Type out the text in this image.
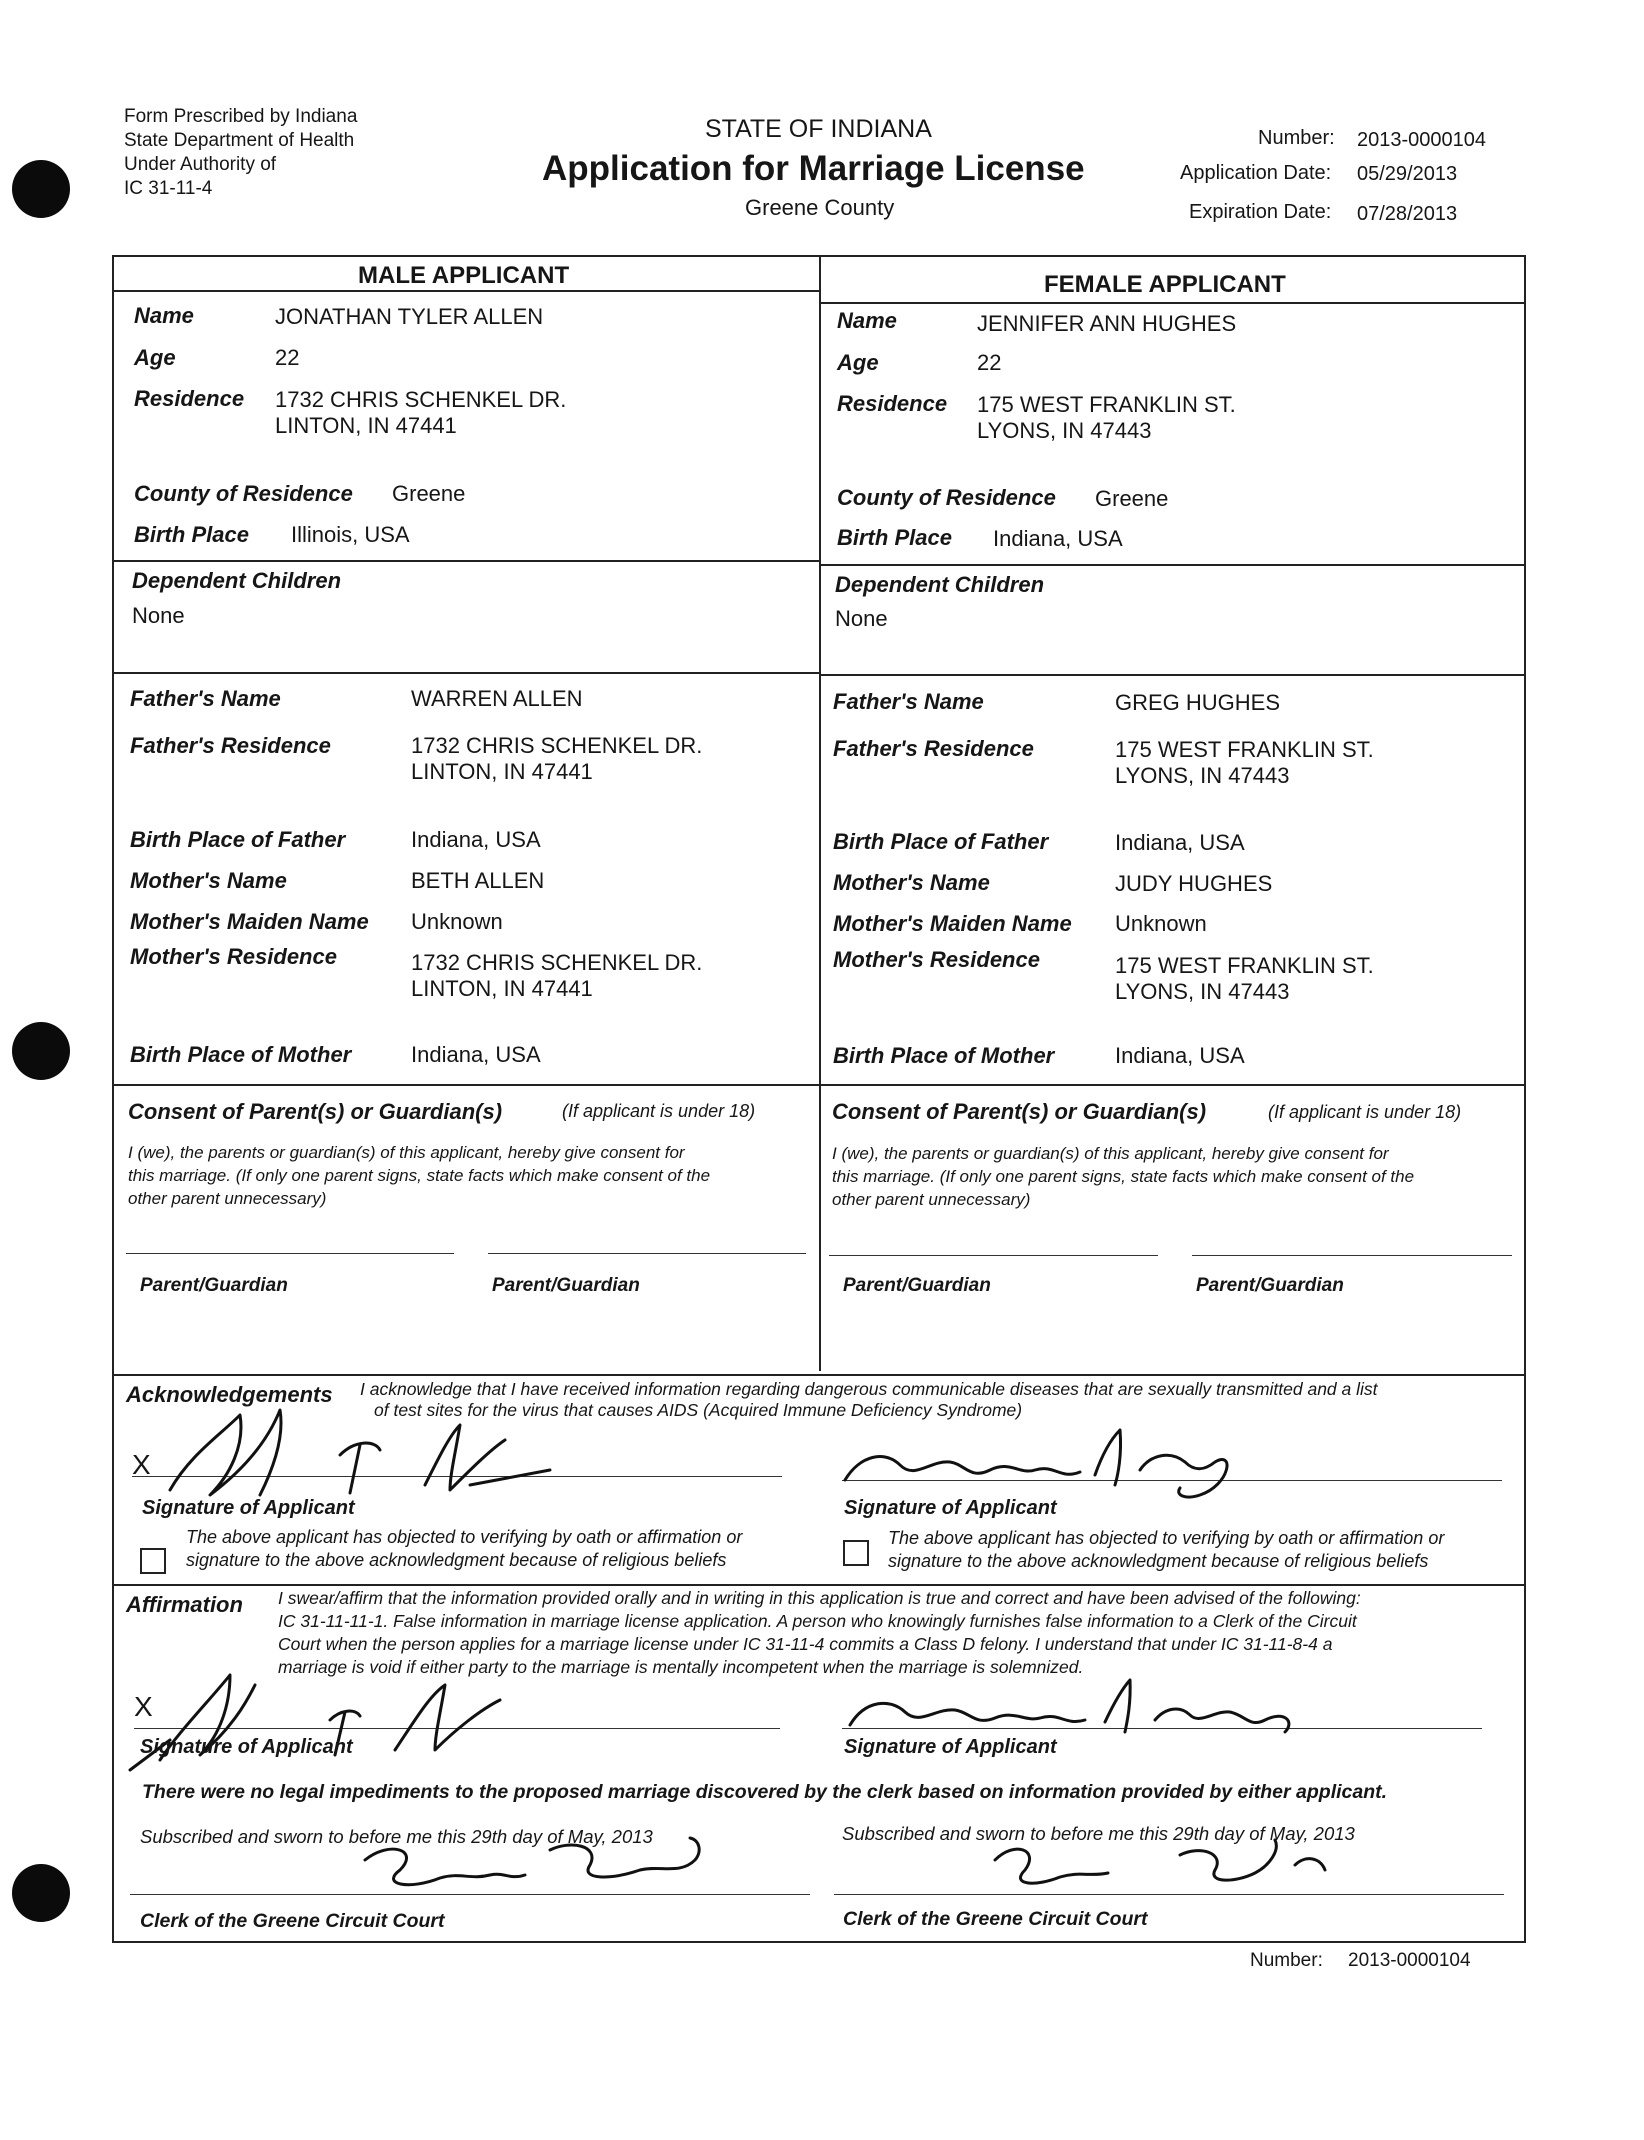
Form Prescribed by Indiana
State Department of Health
Under Authority of
IC 31-11-4
STATE OF INDIANA
Application for Marriage License
Greene County
Number: 2013-0000104
Application Date: 05/29/2013
Expiration Date: 07/28/2013
MALE APPLICANT
Name	JONATHAN TYLER ALLEN
Age	22
Residence 1732 CHRIS SCHENKEL DR.
LINTON, IN 47441
County of Residence Greene
Birth Place Illinois, USA
Dependent Children
None
Father's Name	WARREN ALLEN
Father's Residence	1732 CHRIS SCHENKEL DR.
LINTON, IN 47441
Birth Place of Father	Indiana, USA
Mother's Name	BETH ALLEN
Mother's Maiden Name Unknown
Mother's Residence	1732 CHRIS SCHENKEL DR.
LINTON, IN 47441
Birth Place of Mother	Indiana, USA
FEMALE APPLICANT
Name	JENNIFER ANN HUGHES
Age	22
Residence 175 WEST FRANKLIN ST.
LYONS, IN 47443
County of Residence Greene
Birth Place Indiana, USA
Dependent Children
None
Father's Name	GREG HUGHES
Father's Residence	175 WEST FRANKLIN ST.
LYONS, IN 47443
Birth Place of Father	Indiana, USA
Mother's Name	JUDY HUGHES
Mother's Maiden Name Unknown
Mother's Residence	175 WEST FRANKLIN ST.
LYONS, IN 47443
Birth Place of Mother	Indiana, USA
Consent of Parent(s) or Guardian(s)	(If applicant is under 18)
I (we), the parents or guardian(s) of this applicant, hereby give consent for
this marriage. (If only one parent signs, state facts which make consent of the
other parent unnecessary)
Parent/Guardian	Parent/Guardian
Consent of Parent(s) or Guardian(s)	(If applicant is under 18)
I (we), the parents or guardian(s) of this applicant, hereby give consent for
this marriage. (If only one parent signs, state facts which make consent of the
other parent unnecessary)
Parent/Guardian	Parent/Guardian
Acknowledgements I acknowledge that I have received information regarding dangerous communicable diseases that are sexually transmitted and a list
of test sites for the virus that causes AIDS (Acquired Immune Deficiency Syndrome)
X
Signature of Applicant
The above applicant has objected to verifying by oath or affirmation or
signature to the above acknowledgment because of religious beliefs
Signature of Applicant
The above applicant has objected to verifying by oath or affirmation or
signature to the above acknowledgment because of religious beliefs
Affirmation I swear/affirm that the information provided orally and in writing in this application is true and correct and have been advised of the following:
IC 31-11-11-1. False information in marriage license application. A person who knowingly furnishes false information to a Clerk of the Circuit
Court when the person applies for a marriage license under IC 31-11-4 commits a Class D felony. I understand that under IC 31-11-8-4 a
marriage is void if either party to the marriage is mentally incompetent when the marriage is solemnized.
X
Signature of Applicant	Signature of Applicant
There were no legal impediments to the proposed marriage discovered by the clerk based on information provided by either applicant.
Subscribed and sworn to before me this 29th day of May, 2013
Clerk of the Greene Circuit Court
Subscribed and sworn to before me this 29th day of May, 2013
Clerk of the Greene Circuit Court
Number: 2013-0000104
